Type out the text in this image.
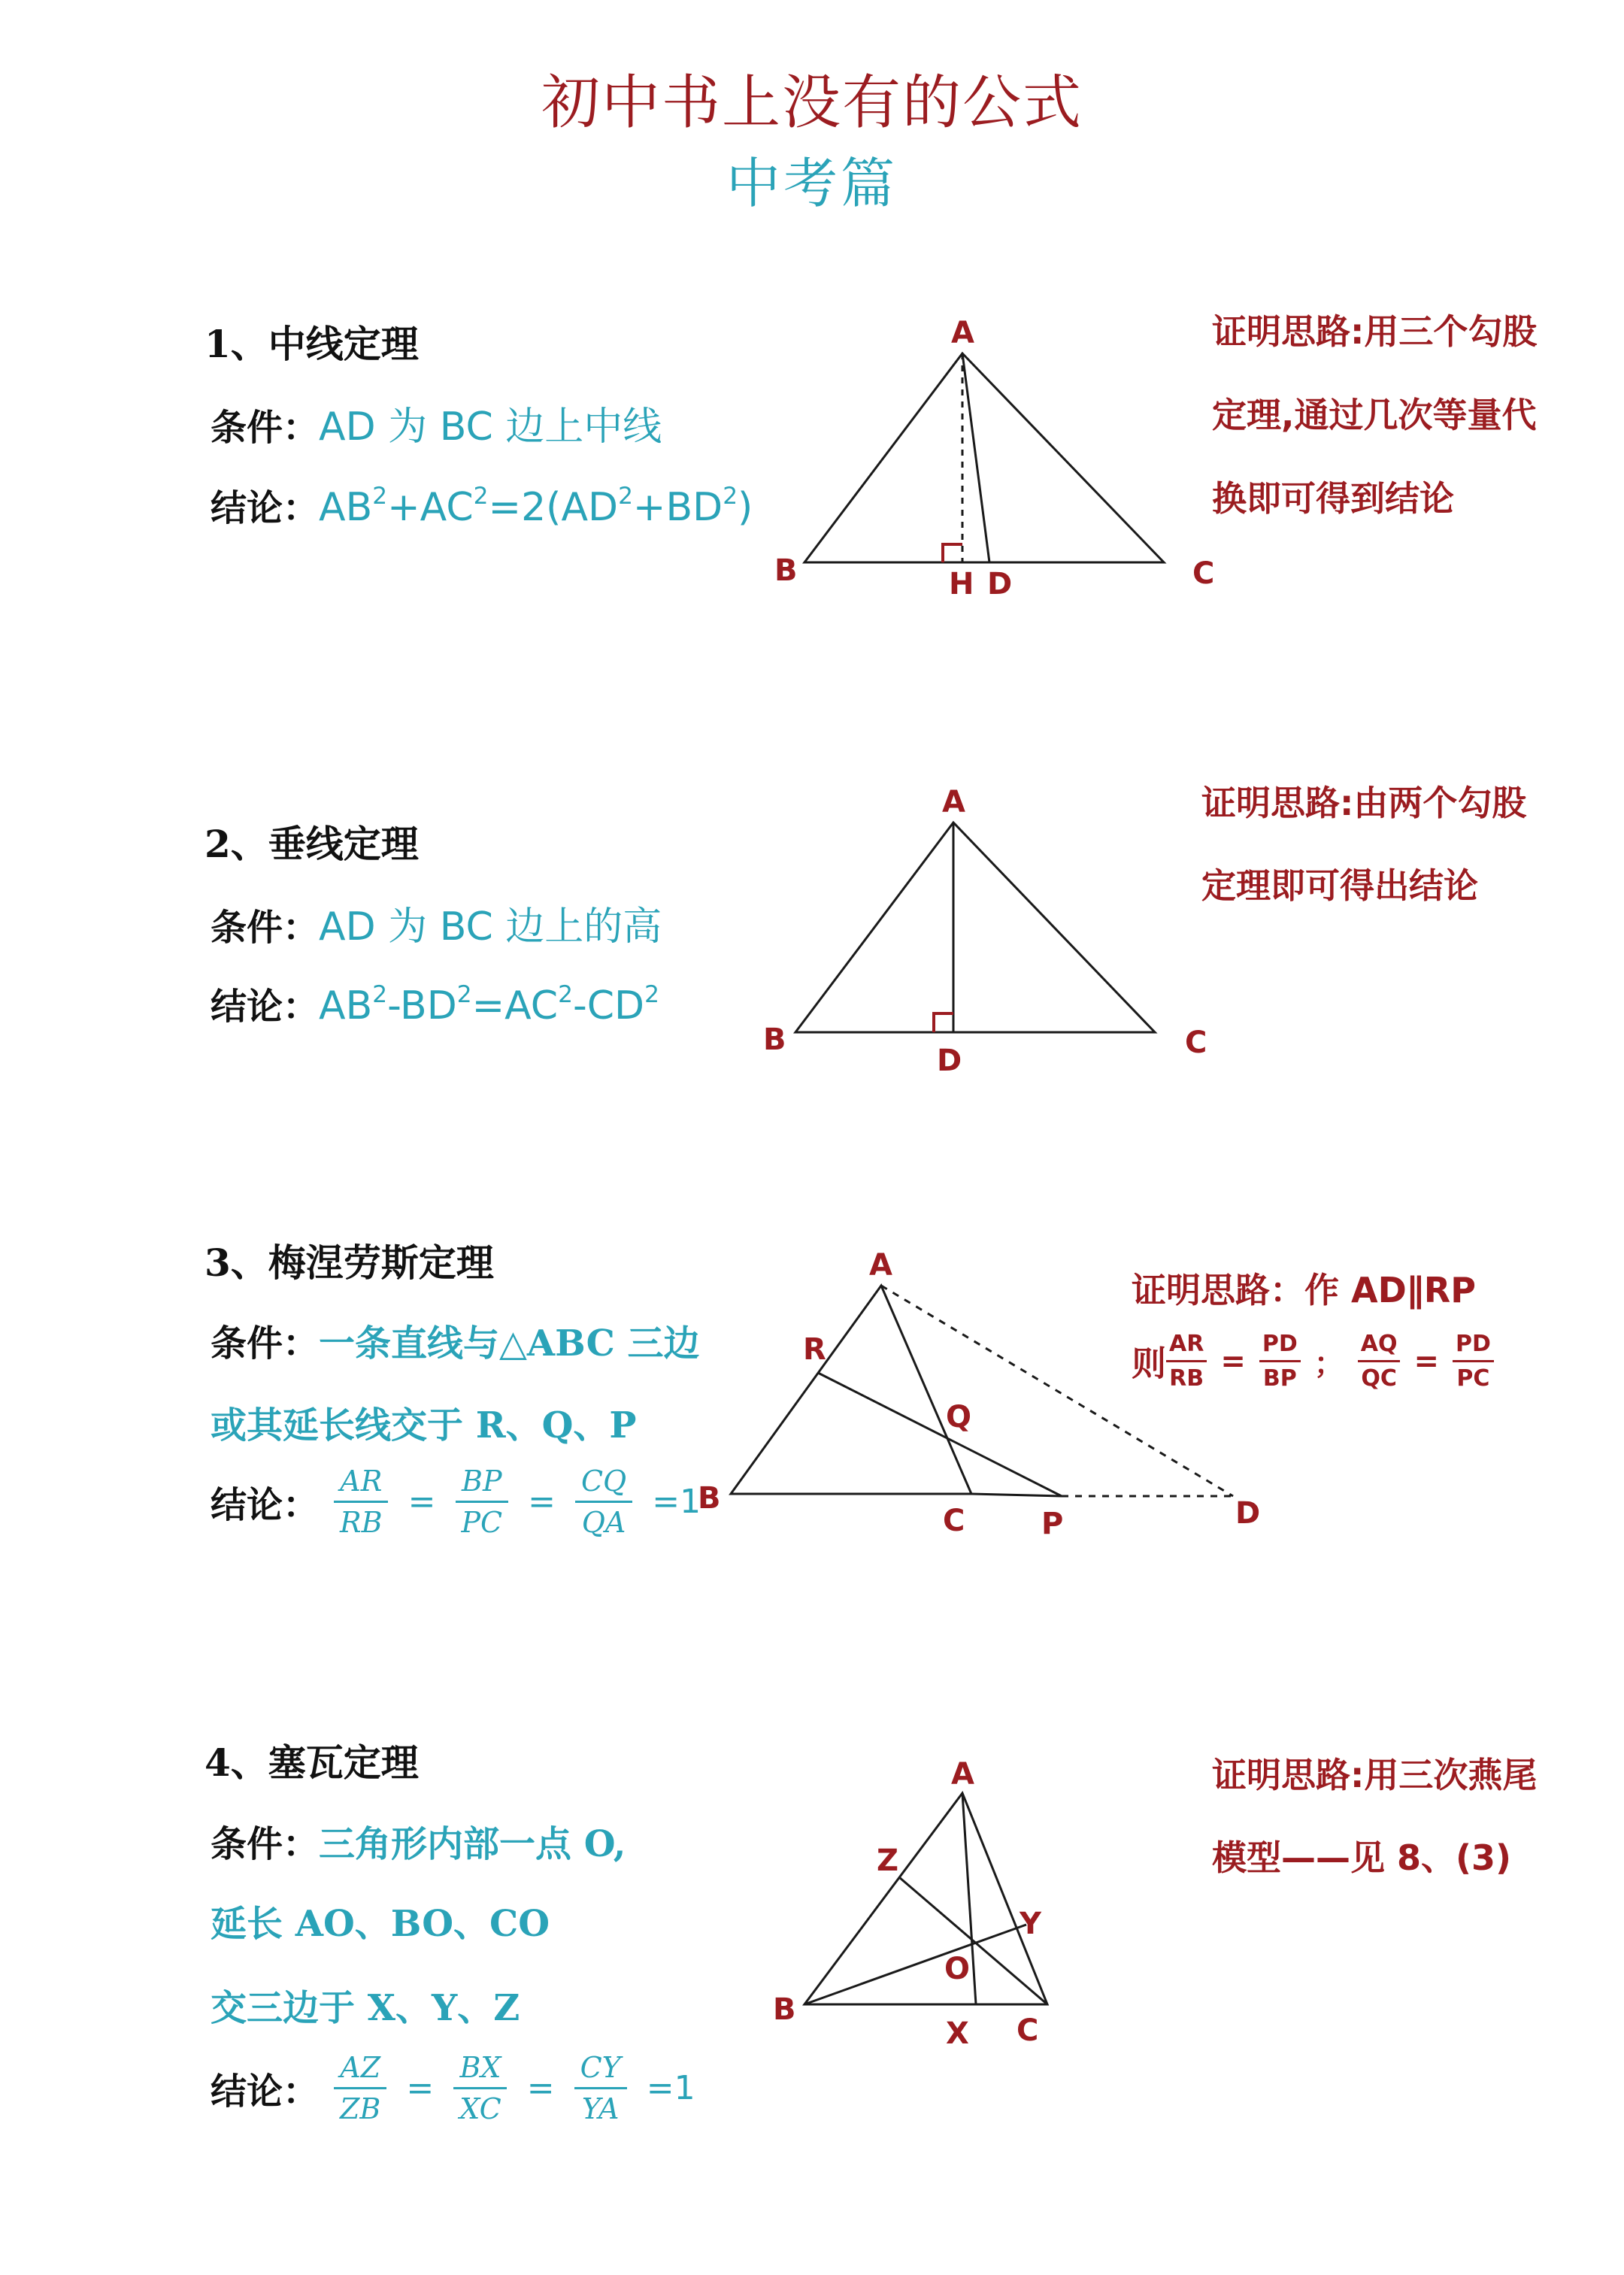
初中书上没有的公式
中考篇
1、中线定理
条件：AD 为 BC 边上中线
结论：$AB^2+AC^2=2(AD^2+BD^2)$
证明思路:用三个勾股
定理,通过几次等量代
换即可得到结论
2、垂线定理
条件：AD 为 BC 边上的高
结论：$AB^2-BD^2=AC^2-CD^2$
证明思路:由两个勾股
定理即可得出结论
3、梅涅劳斯定理
条件：一条直线与△ABC 三边
或其延长线交于 R、Q、P
结论： $\frac{AR}{RB} = \frac{BP}{PC} = \frac{CQ}{QA} =1$
证明思路：作 AD∥RP
则 $\frac{AR}{RB} = \frac{PD}{BP}$ ； $\frac{AQ}{QC} = \frac{PD}{PC}$
4、塞瓦定理
条件：三角形内部一点 O,
延长 AO、BO、CO
交三边于 X、Y、Z
结论： $\frac{AZ}{ZB} = \frac{BX}{XC} = \frac{CY}{YA} =1$
证明思路:用三次燕尾
模型——见 8、(3)
A
B	H D	C
A
B
D
C
A
R
Q
B
C	P	D
A
Z
Y
O
B
X C
